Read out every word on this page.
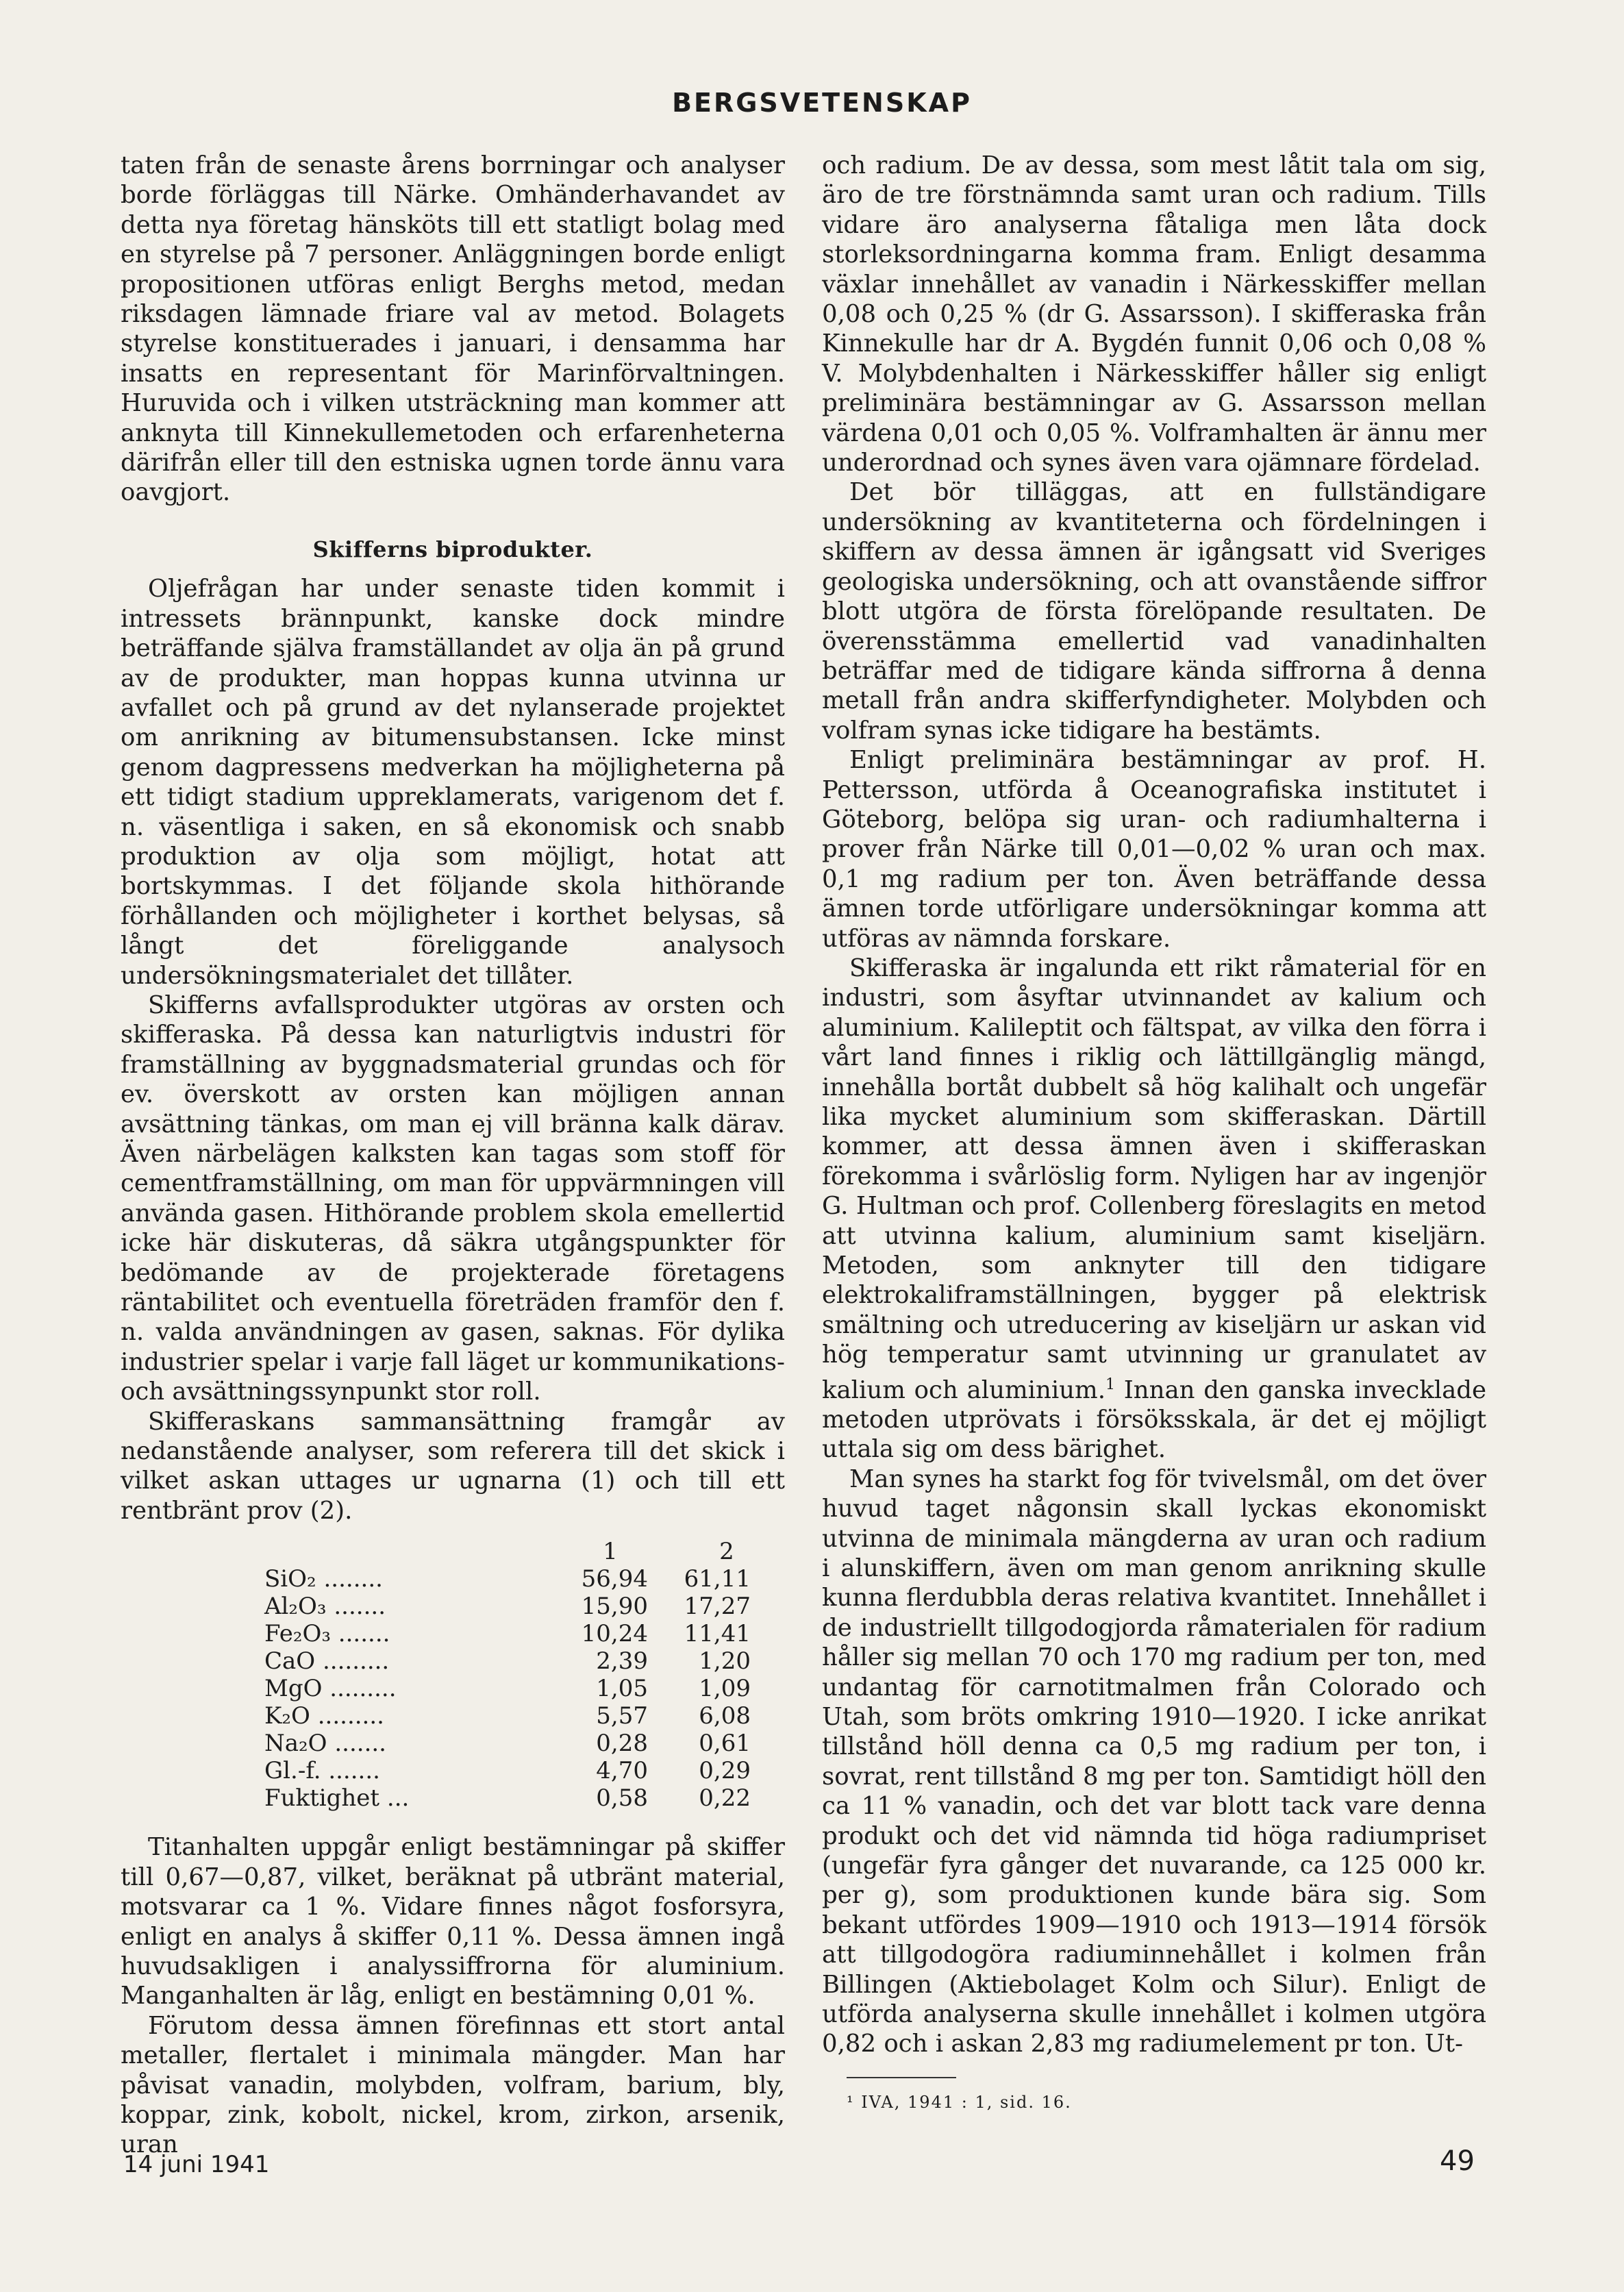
BERGSVETENSKAP

taten från de senaste årens borrningar och analyser borde förläggas till Närke. Omhänderhavandet av detta nya företag hänsköts till ett statligt bolag med en styrelse på 7 personer. Anläggningen borde enligt propositionen utföras enligt Berghs metod, medan riksdagen lämnade friare val av metod. Bolagets styrelse konstituerades i januari, i densamma har insatts en representant för Marinförvaltningen. Huruvida och i vilken utsträckning man kommer att anknyta till Kinnekullemetoden och erfarenheterna därifrån eller till den estniska ugnen torde ännu vara oavgjort.

Skifferns biprodukter.

Oljefrågan har under senaste tiden kommit i intressets brännpunkt, kanske dock mindre beträffande själva framställandet av olja än på grund av de produkter, man hoppas kunna utvinna ur avfallet och på grund av det nylanserade projektet om anrikning av bitumensubstansen. Icke minst genom dagpressens medverkan ha möjligheterna på ett tidigt stadium uppreklamerats, varigenom det f. n. väsentliga i saken, en så ekonomisk och snabb produktion av olja som möjligt, hotat att bortskymmas. I det följande skola hithörande förhållanden och möjligheter i korthet belysas, så långt det föreliggande analysoch undersökningsmaterialet det tillåter.

Skifferns avfallsprodukter utgöras av orsten och skifferaska. På dessa kan naturligtvis industri för framställning av byggnadsmaterial grundas och för ev. överskott av orsten kan möjligen annan avsättning tänkas, om man ej vill bränna kalk därav. Även närbelägen kalksten kan tagas som stoff för cementframställning, om man för uppvärmningen vill använda gasen. Hithörande problem skola emellertid icke här diskuteras, då säkra utgångspunkter för bedömande av de projekterade företagens räntabilitet och eventuella företräden framför den f. n. valda användningen av gasen, saknas. För dylika industrier spelar i varje fall läget ur kommunikations- och avsättningssynpunkt stor roll.

Skifferaskans sammansättning framgår av nedanstående analyser, som referera till det skick i vilket askan uttages ur ugnarna (1) och till ett rentbränt prov (2).

1	2
SiO₂ ........	56,94	61,11
Al₂O₃ .......	15,90	17,27
Fe₂O₃ .......	10,24	11,41
CaO .........	2,39	1,20
MgO .........	1,05	1,09
K₂O .........	5,57	6,08
Na₂O .......	0,28	0,61
Gl.-f. .......	4,70	0,29
Fuktighet ...	0,58	0,22

Titanhalten uppgår enligt bestämningar på skiffer till 0,67—0,87, vilket, beräknat på utbränt material, motsvarar ca 1 %. Vidare finnes något fosforsyra, enligt en analys å skiffer 0,11 %. Dessa ämnen ingå huvudsakligen i analyssiffrorna för aluminium. Manganhalten är låg, enligt en bestämning 0,01 %.

Förutom dessa ämnen förefinnas ett stort antal metaller, flertalet i minimala mängder. Man har påvisat vanadin, molybden, volfram, barium, bly, koppar, zink, kobolt, nickel, krom, zirkon, arsenik, uran

och radium. De av dessa, som mest låtit tala om sig, äro de tre förstnämnda samt uran och radium. Tills vidare äro analyserna fåtaliga men låta dock storleksordningarna komma fram. Enligt desamma växlar innehållet av vanadin i Närkesskiffer mellan 0,08 och 0,25 % (dr G. Assarsson). I skifferaska från Kinnekulle har dr A. Bygdén funnit 0,06 och 0,08 % V. Molybdenhalten i Närkesskiffer håller sig enligt preliminära bestämningar av G. Assarsson mellan värdena 0,01 och 0,05 %. Volframhalten är ännu mer underordnad och synes även vara ojämnare fördelad.

Det bör tilläggas, att en fullständigare undersökning av kvantiteterna och fördelningen i skiffern av dessa ämnen är igångsatt vid Sveriges geologiska undersökning, och att ovanstående siffror blott utgöra de första förelöpande resultaten. De överensstämma emellertid vad vanadinhalten beträffar med de tidigare kända siffrorna å denna metall från andra skifferfyndigheter. Molybden och volfram synas icke tidigare ha bestämts.

Enligt preliminära bestämningar av prof. H. Pettersson, utförda å Oceanografiska institutet i Göteborg, belöpa sig uran- och radiumhalterna i prover från Närke till 0,01—0,02 % uran och max. 0,1 mg radium per ton. Även beträffande dessa ämnen torde utförligare undersökningar komma att utföras av nämnda forskare.

Skifferaska är ingalunda ett rikt råmaterial för en industri, som åsyftar utvinnandet av kalium och aluminium. Kalileptit och fältspat, av vilka den förra i vårt land finnes i riklig och lättillgänglig mängd, innehålla bortåt dubbelt så hög kalihalt och ungefär lika mycket aluminium som skifferaskan. Därtill kommer, att dessa ämnen även i skifferaskan förekomma i svårlöslig form. Nyligen har av ingenjör G. Hultman och prof. Collenberg föreslagits en metod att utvinna kalium, aluminium samt kiseljärn. Metoden, som anknyter till den tidigare elektrokaliframställningen, bygger på elektrisk smältning och utreducering av kiseljärn ur askan vid hög temperatur samt utvinning ur granulatet av kalium och aluminium.$^1$ Innan den ganska invecklade metoden utprövats i försöksskala, är det ej möjligt uttala sig om dess bärighet.

Man synes ha starkt fog för tvivelsmål, om det över huvud taget någonsin skall lyckas ekonomiskt utvinna de minimala mängderna av uran och radium i alunskiffern, även om man genom anrikning skulle kunna flerdubbla deras relativa kvantitet. Innehållet i de industriellt tillgodogjorda råmaterialen för radium håller sig mellan 70 och 170 mg radium per ton, med undantag för carnotitmalmen från Colorado och Utah, som bröts omkring 1910—1920. I icke anrikat tillstånd höll denna ca 0,5 mg radium per ton, i sovrat, rent tillstånd 8 mg per ton. Samtidigt höll den ca 11 % vanadin, och det var blott tack vare denna produkt och det vid nämnda tid höga radiumpriset (ungefär fyra gånger det nuvarande, ca 125 000 kr. per g), som produktionen kunde bära sig. Som bekant utfördes 1909—1910 och 1913—1914 försök att tillgodogöra radiuminnehållet i kolmen från Billingen (Aktiebolaget Kolm och Silur). Enligt de utförda analyserna skulle innehållet i kolmen utgöra 0,82 och i askan 2,83 mg radiumelement pr ton. Ut-

¹ IVA, 1941 : 1, sid. 16.
14 juni 1941	49
